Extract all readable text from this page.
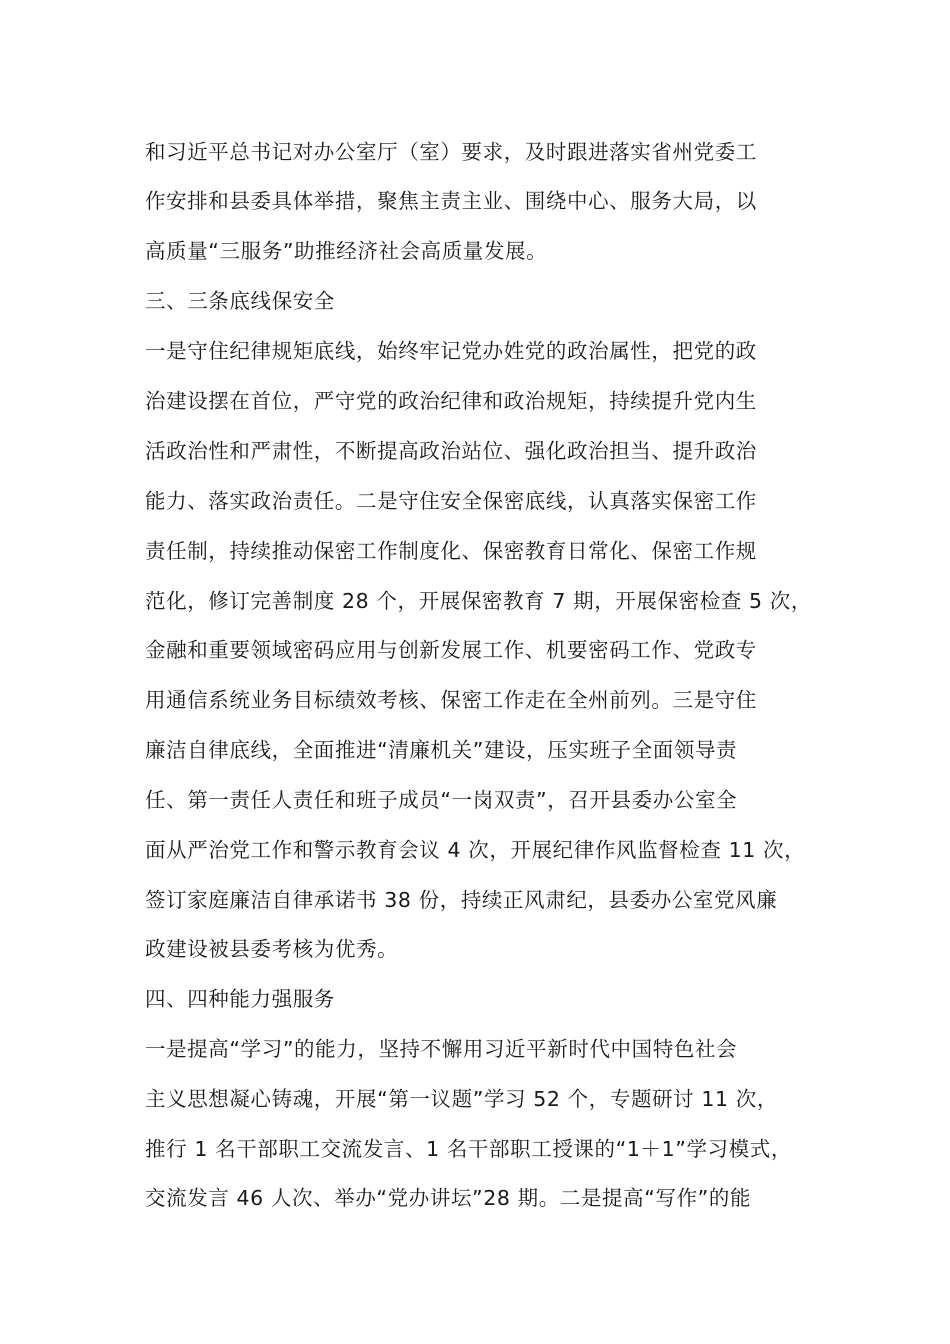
和习近平总书记对办公室厅（室）要求，及时跟进落实省州党委工
作安排和县委具体举措，聚焦主责主业、围绕中心、服务大局，以
高质量“三服务”助推经济社会高质量发展。
三、三条底线保安全
一是守住纪律规矩底线，始终牢记党办姓党的政治属性，把党的政
治建设摆在首位，严守党的政治纪律和政治规矩，持续提升党内生
活政治性和严肃性，不断提高政治站位、强化政治担当、提升政治
能力、落实政治责任。二是守住安全保密底线，认真落实保密工作
责任制，持续推动保密工作制度化、保密教育日常化、保密工作规
范化，修订完善制度 28 个，开展保密教育 7 期，开展保密检查 5 次，
金融和重要领域密码应用与创新发展工作、机要密码工作、党政专
用通信系统业务目标绩效考核、保密工作走在全州前列。三是守住
廉洁自律底线，全面推进“清廉机关”建设，压实班子全面领导责
任、第一责任人责任和班子成员“一岗双责”，召开县委办公室全
面从严治党工作和警示教育会议 4 次，开展纪律作风监督检查 11 次，
签订家庭廉洁自律承诺书 38 份，持续正风肃纪，县委办公室党风廉
政建设被县委考核为优秀。
四、四种能力强服务
一是提高“学习”的能力，坚持不懈用习近平新时代中国特色社会
主义思想凝心铸魂，开展“第一议题”学习 52 个，专题研讨 11 次，
推行 1 名干部职工交流发言、1 名干部职工授课的“1＋1”学习模式，
交流发言 46 人次、举办“党办讲坛”28 期。二是提高“写作”的能
